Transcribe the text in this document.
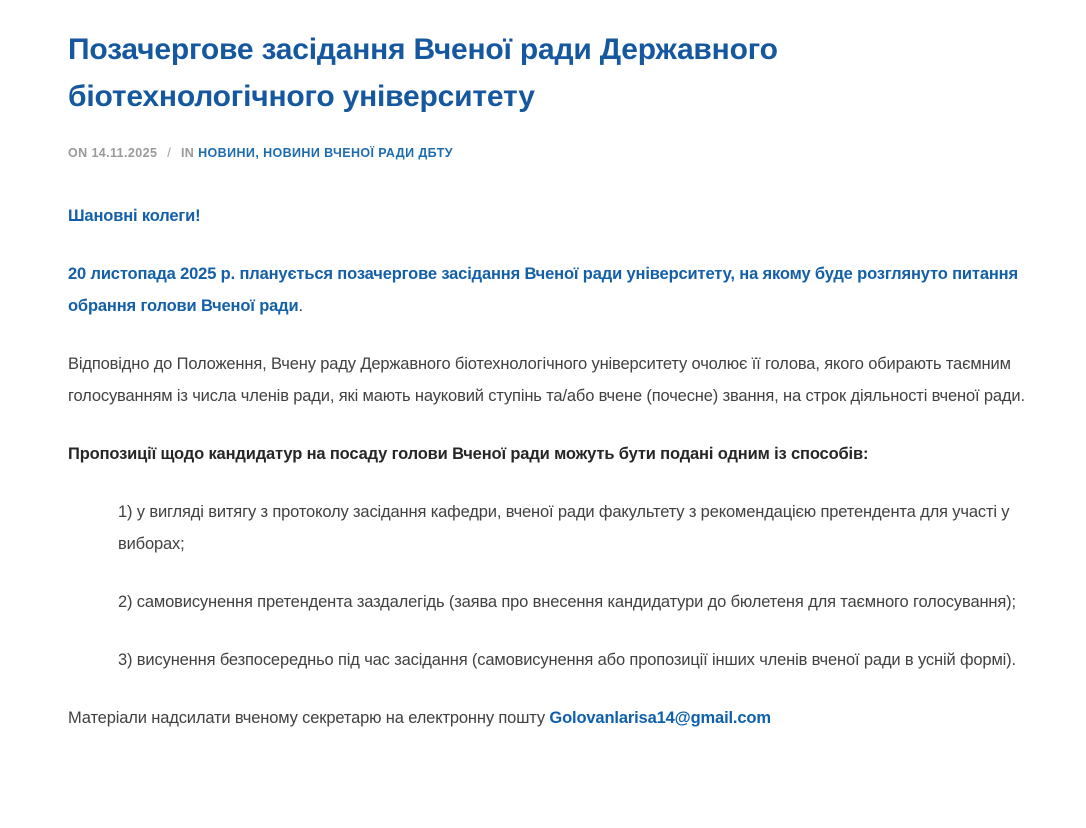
Позачергове засідання Вченої ради Державного біотехнологічного університету
ON 14.11.2025 / IN НОВИНИ, НОВИНИ ВЧЕНОЇ РАДИ ДБТУ

Шановні колеги!

20 листопада 2025 р. планується позачергове засідання Вченої ради університету, на якому буде розглянуто питання обрання голови Вченої ради.

Відповідно до Положення, Вчену раду Державного біотехнологічного університету очолює її голова, якого обирають таємним голосуванням із числа членів ради, які мають науковий ступінь та/або вчене (почесне) звання, на строк діяльності вченої ради.

Пропозиції щодо кандидатур на посаду голови Вченої ради можуть бути подані одним із способів:

1) у вигляді витягу з протоколу засідання кафедри, вченої ради факультету з рекомендацією претендента для участі у виборах;

2) самовисунення претендента заздалегідь (заява про внесення кандидатури до бюлетеня для таємного голосування);

3) висунення безпосередньо під час засідання (самовисунення або пропозиції інших членів вченої ради в усній формі).

Матеріали надсилати вченому секретарю на електронну пошту Golovanlarisa14@gmail.com
